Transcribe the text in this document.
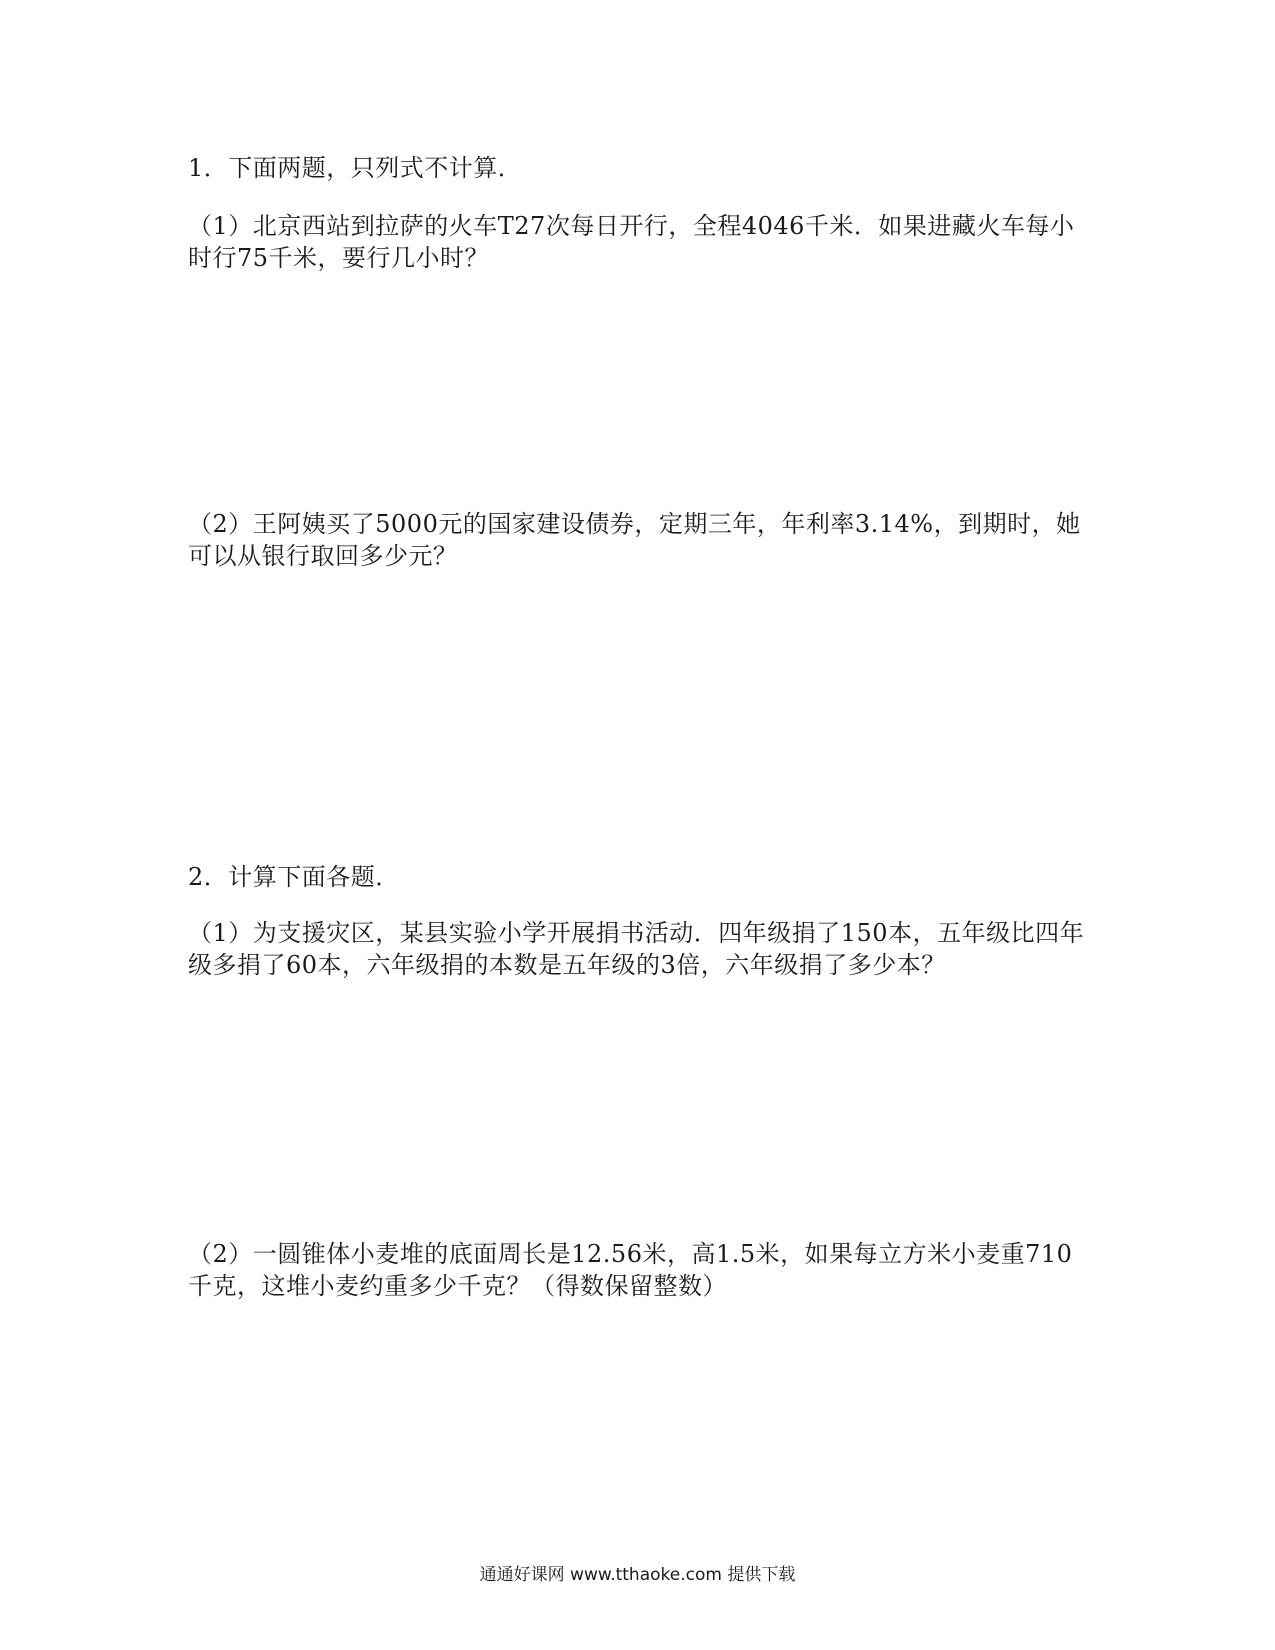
1．下面两题，只列式不计算．

（1）北京西站到拉萨的火车T27次每日开行，全程4046千米．如果进藏火车每小时行75千米，要行几小时？

（2）王阿姨买了5000元的国家建设债券，定期三年，年利率3.14%，到期时，她可以从银行取回多少元？

2．计算下面各题．

（1）为支援灾区，某县实验小学开展捐书活动．四年级捐了150本，五年级比四年级多捐了60本，六年级捐的本数是五年级的3倍，六年级捐了多少本？

（2）一圆锥体小麦堆的底面周长是12.56米，高1.5米，如果每立方米小麦重710千克，这堆小麦约重多少千克？（得数保留整数）

通通好课网 www.tthaoke.com 提供下载
